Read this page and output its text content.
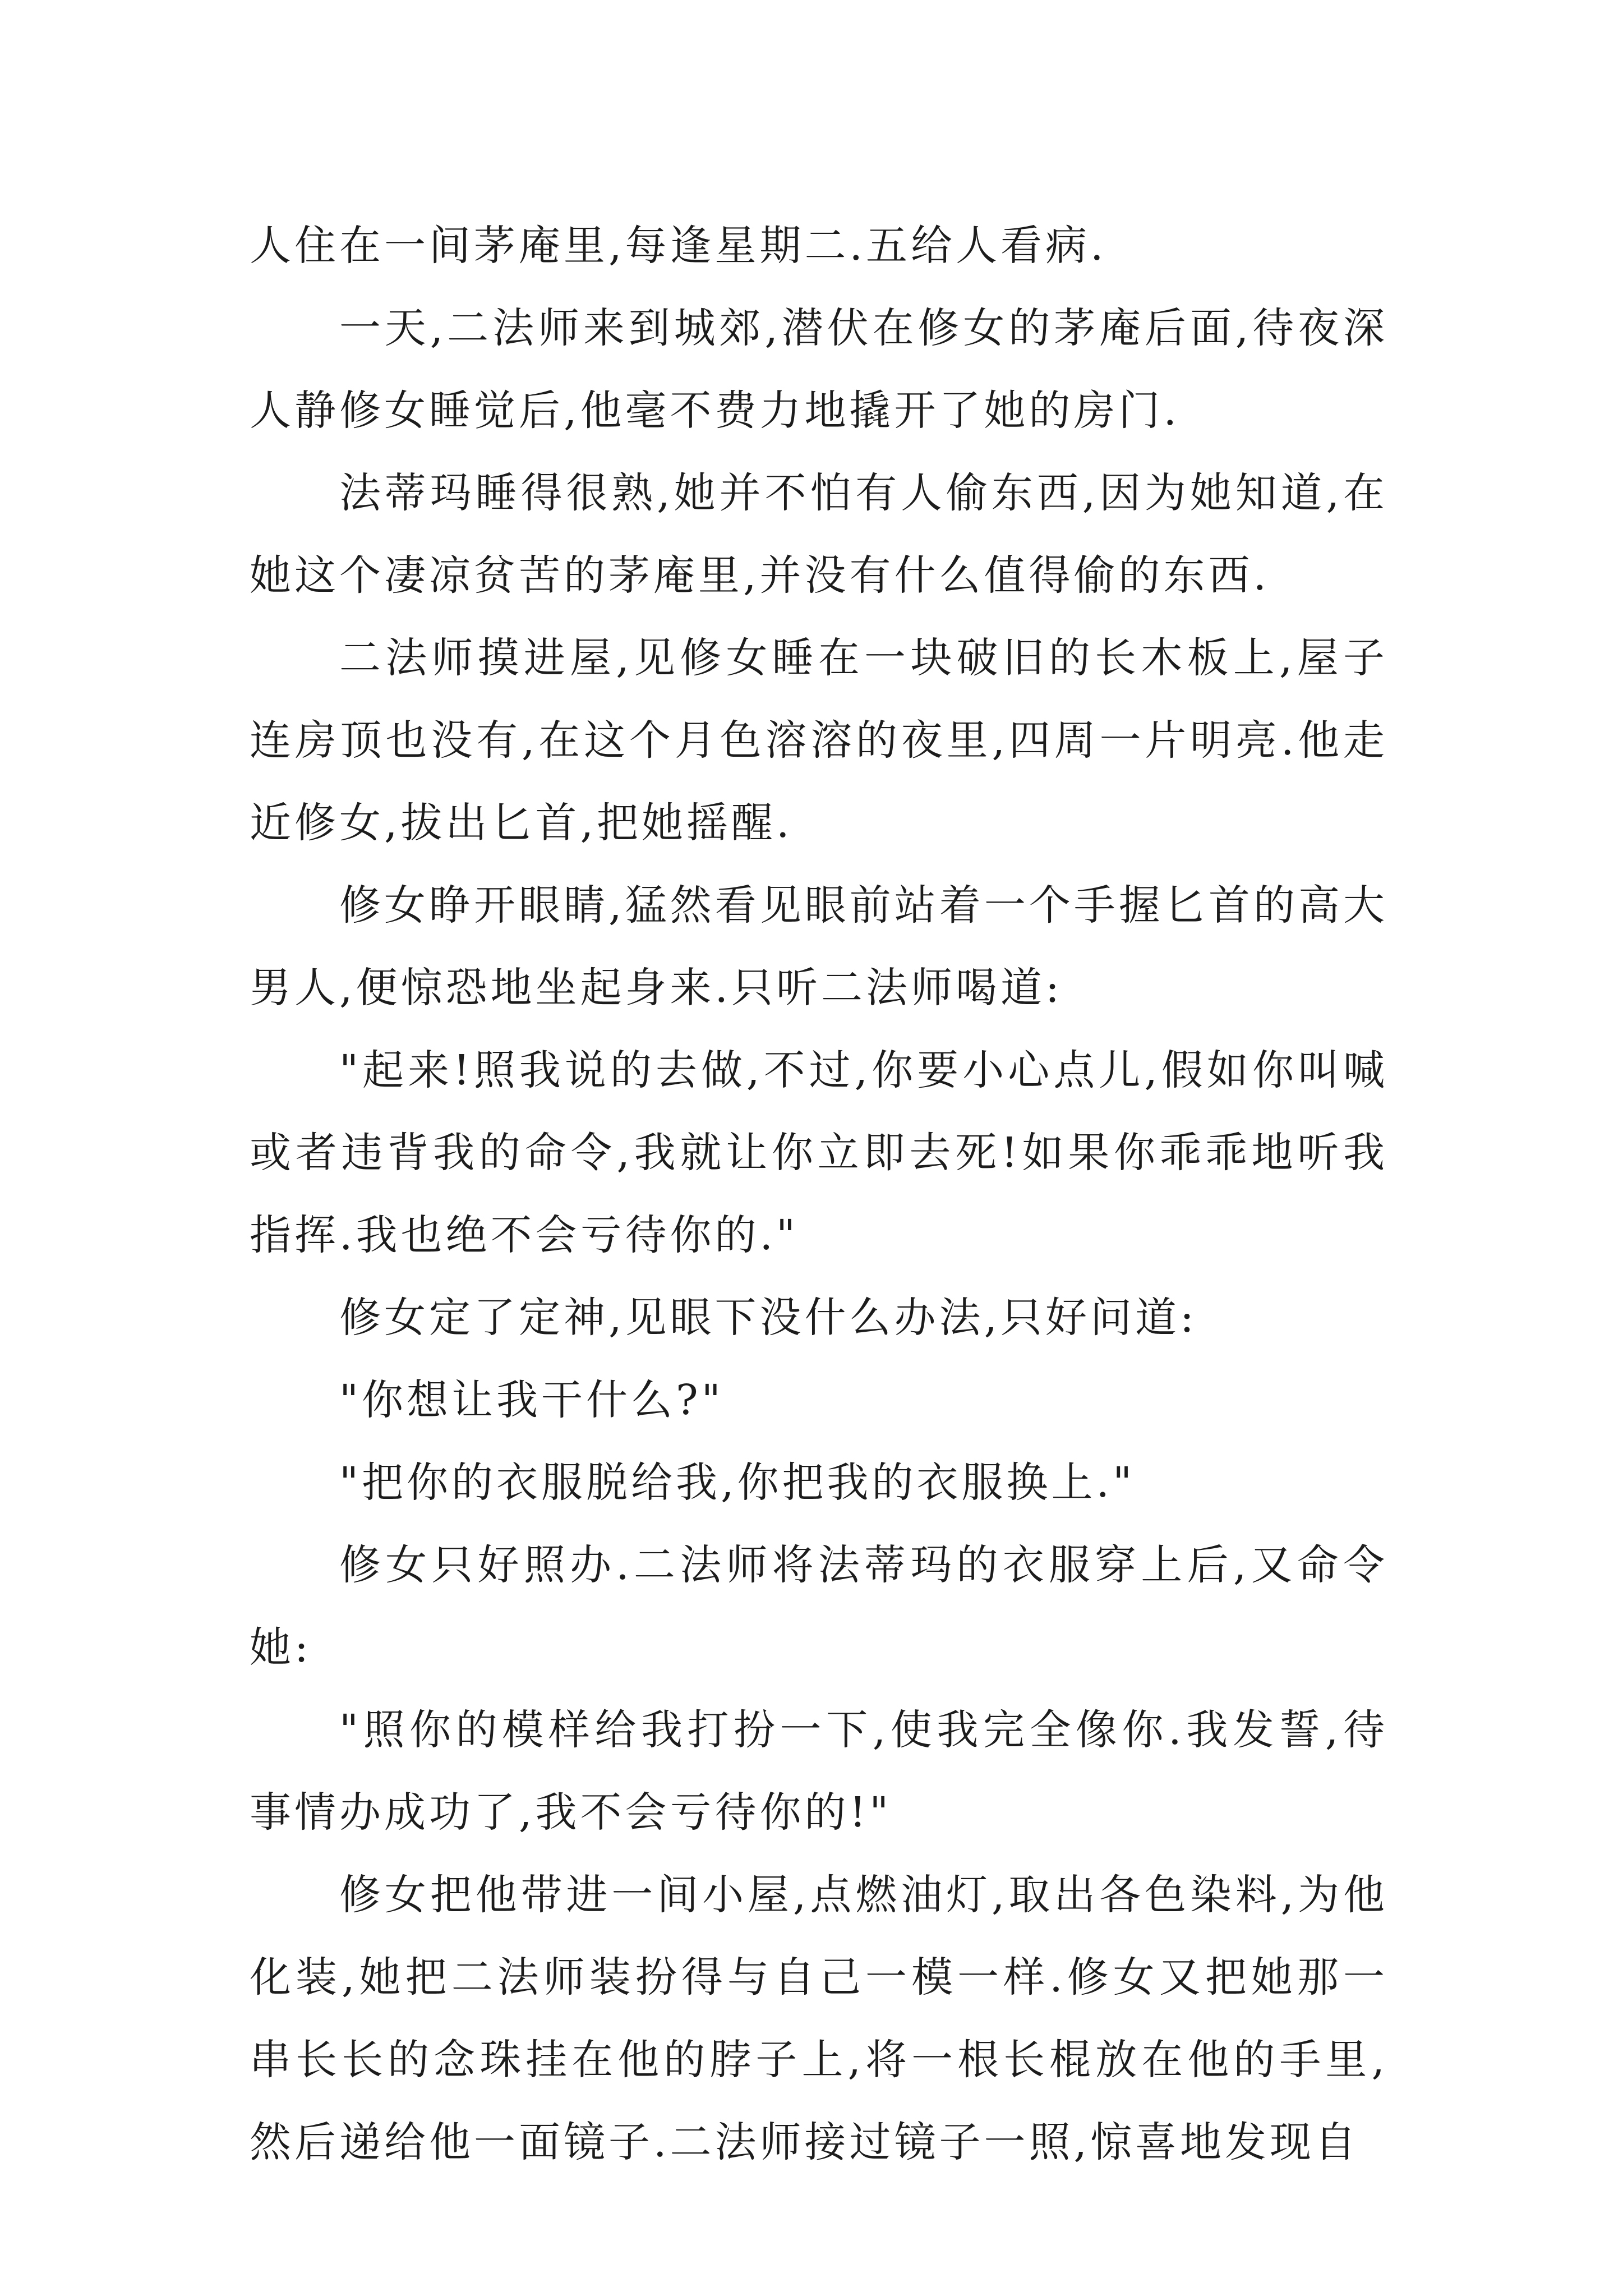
人住在一间茅庵里,每逢星期二.五给人看病.

一天,二法师来到城郊,潜伏在修女的茅庵后面,待夜深人静修女睡觉后,他毫不费力地撬开了她的房门.

法蒂玛睡得很熟,她并不怕有人偷东西,因为她知道,在她这个凄凉贫苦的茅庵里,并没有什么值得偷的东西.

二法师摸进屋,见修女睡在一块破旧的长木板上,屋子连房顶也没有,在这个月色溶溶的夜里,四周一片明亮.他走近修女,拔出匕首,把她摇醒.

修女睁开眼睛,猛然看见眼前站着一个手握匕首的高大男人,便惊恐地坐起身来.只听二法师喝道:

"起来!照我说的去做,不过,你要小心点儿,假如你叫喊或者违背我的命令,我就让你立即去死!如果你乖乖地听我指挥.我也绝不会亏待你的."

修女定了定神,见眼下没什么办法,只好问道:

"你想让我干什么?"

"把你的衣服脱给我,你把我的衣服换上."

修女只好照办.二法师将法蒂玛的衣服穿上后,又命令她:

"照你的模样给我打扮一下,使我完全像你.我发誓,待事情办成功了,我不会亏待你的!"

修女把他带进一间小屋,点燃油灯,取出各色染料,为他化装,她把二法师装扮得与自己一模一样.修女又把她那一串长长的念珠挂在他的脖子上,将一根长棍放在他的手里,然后递给他一面镜子.二法师接过镜子一照,惊喜地发现自
